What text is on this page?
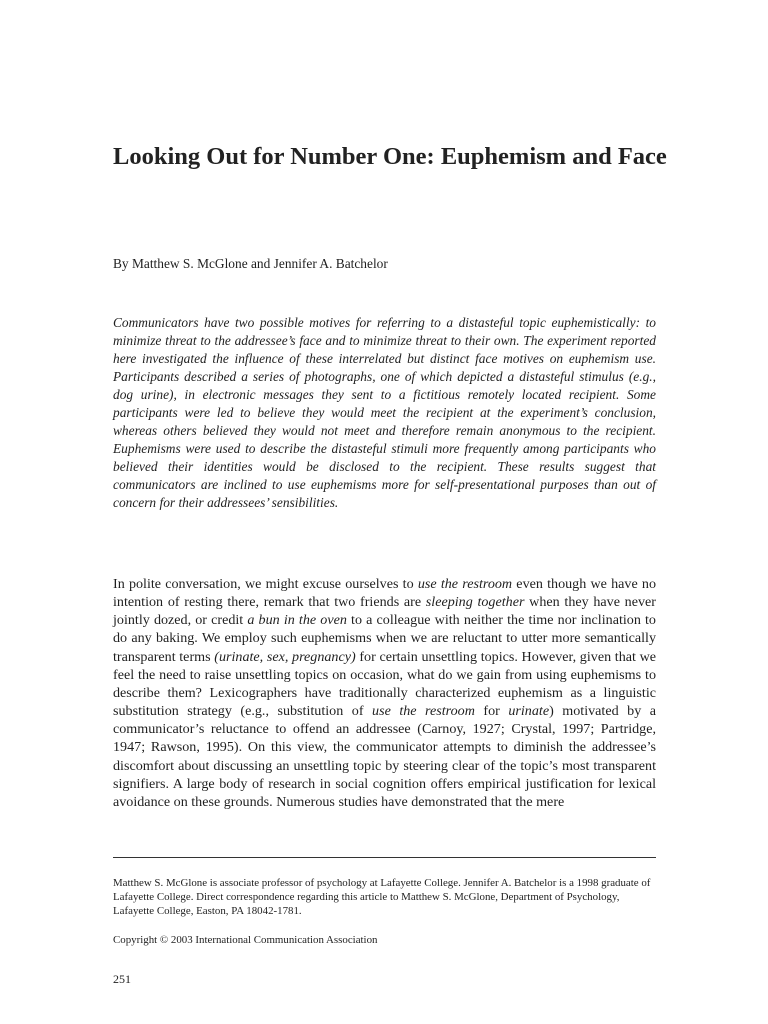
Looking Out for Number One: Euphemism and Face

By Matthew S. McGlone and Jennifer A. Batchelor

Communicators have two possible motives for referring to a distasteful topic euphemistically: to minimize threat to the addressee’s face and to minimize threat to their own. The experiment reported here investigated the influence of these interrelated but distinct face motives on euphemism use. Participants described a series of photographs, one of which depicted a distasteful stimulus (e.g., dog urine), in electronic messages they sent to a fictitious remotely located recipient. Some participants were led to believe they would meet the recipient at the experiment’s conclusion, whereas others believed they would not meet and therefore remain anonymous to the recipient. Euphemisms were used to describe the distasteful stimuli more frequently among participants who believed their identities would be disclosed to the recipient. These results suggest that communicators are inclined to use euphemisms more for self-presentational purposes than out of concern for their addressees’ sensibilities.

In polite conversation, we might excuse ourselves to use the restroom even though we have no intention of resting there, remark that two friends are sleeping together when they have never jointly dozed, or credit a bun in the oven to a colleague with neither the time nor inclination to do any baking. We employ such euphemisms when we are reluctant to utter more semantically transparent terms (urinate, sex, pregnancy) for certain unsettling topics. However, given that we feel the need to raise unsettling topics on occasion, what do we gain from using euphemisms to describe them? Lexicographers have traditionally characterized euphemism as a linguistic substitution strategy (e.g., substitution of use the restroom for urinate) motivated by a communicator’s reluctance to offend an addressee (Carnoy, 1927; Crystal, 1997; Partridge, 1947; Rawson, 1995). On this view, the communicator attempts to diminish the addressee’s discomfort about discussing an unsettling topic by steering clear of the topic’s most transparent signifiers. A large body of research in social cognition offers empirical justification for lexical avoidance on these grounds. Numerous studies have demonstrated that the mere

Matthew S. McGlone is associate professor of psychology at Lafayette College. Jennifer A. Batchelor is a 1998 graduate of Lafayette College. Direct correspondence regarding this article to Matthew S. McGlone, Department of Psychology, Lafayette College, Easton, PA 18042-1781.

Copyright © 2003 International Communication Association

251
